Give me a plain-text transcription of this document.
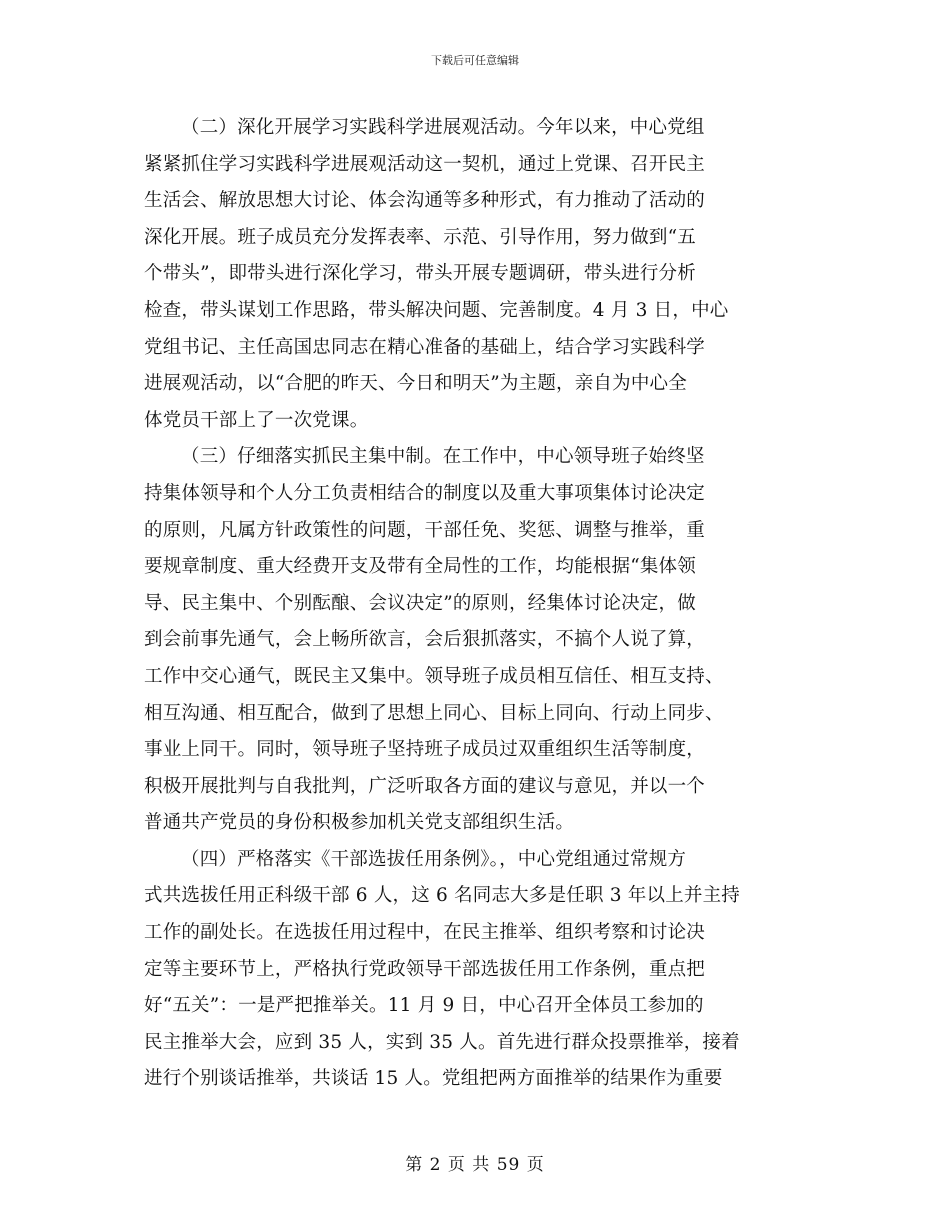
下载后可任意编辑
（二）深化开展学习实践科学进展观活动。今年以来，中心党组
紧紧抓住学习实践科学进展观活动这一契机，通过上党课、召开民主
生活会、解放思想大讨论、体会沟通等多种形式，有力推动了活动的
深化开展。班子成员充分发挥表率、示范、引导作用，努力做到“五
个带头”，即带头进行深化学习，带头开展专题调研，带头进行分析
检查，带头谋划工作思路，带头解决问题、完善制度。4 月 3 日，中心
党组书记、主任高国忠同志在精心准备的基础上，结合学习实践科学
进展观活动，以“合肥的昨天、今日和明天”为主题，亲自为中心全
体党员干部上了一次党课。
（三）仔细落实抓民主集中制。在工作中，中心领导班子始终坚
持集体领导和个人分工负责相结合的制度以及重大事项集体讨论决定
的原则，凡属方针政策性的问题，干部任免、奖惩、调整与推举，重
要规章制度、重大经费开支及带有全局性的工作，均能根据“集体领
导、民主集中、个别酝酿、会议决定”的原则，经集体讨论决定，做
到会前事先通气，会上畅所欲言，会后狠抓落实，不搞个人说了算，
工作中交心通气，既民主又集中。领导班子成员相互信任、相互支持、
相互沟通、相互配合，做到了思想上同心、目标上同向、行动上同步、
事业上同干。同时，领导班子坚持班子成员过双重组织生活等制度，
积极开展批判与自我批判，广泛听取各方面的建议与意见，并以一个
普通共产党员的身份积极参加机关党支部组织生活。
（四）严格落实《干部选拔任用条例》。，中心党组通过常规方
式共选拔任用正科级干部 6 人，这 6 名同志大多是任职 3 年以上并主持
工作的副处长。在选拔任用过程中，在民主推举、组织考察和讨论决
定等主要环节上，严格执行党政领导干部选拔任用工作条例，重点把
好“五关”：一是严把推举关。11 月 9 日，中心召开全体员工参加的
民主推举大会，应到 35 人，实到 35 人。首先进行群众投票推举，接着
进行个别谈话推举，共谈话 15 人。党组把两方面推举的结果作为重要
第 2 页 共 59 页
